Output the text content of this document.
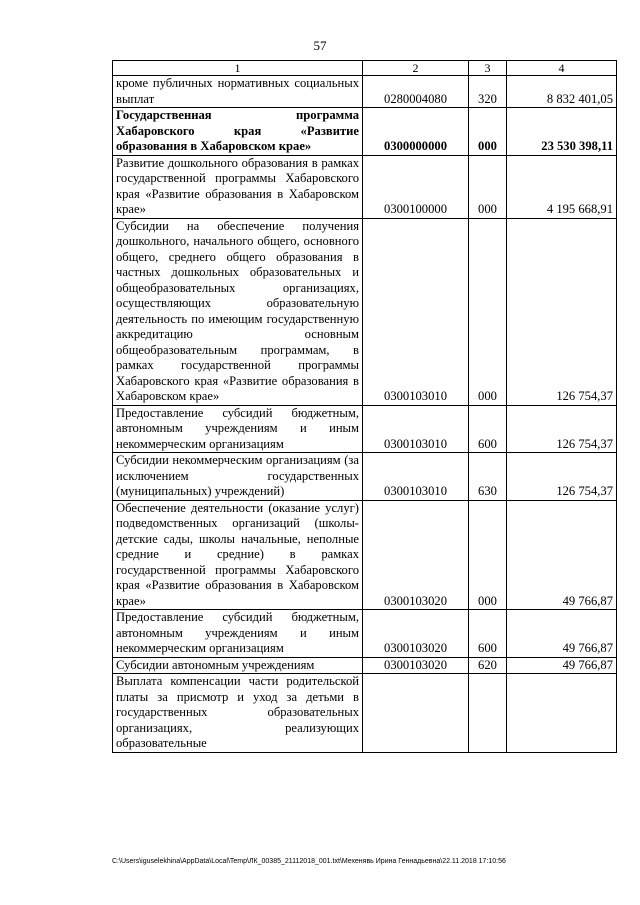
57
1	2	3	4
кроме публичных нормативных социальных выплат	0280004080	320	8 832 401,05
Государственная программа Хабаровского края «Развитие образования в Хабаровском крае»	0300000000	000	23 530 398,11
Развитие дошкольного образования в рамках государственной программы Хабаровского края «Развитие образования в Хабаровском крае»	0300100000	000	4 195 668,91
Субсидии на обеспечение получения дошкольного, начального общего, основного общего, среднего общего образования в частных дошкольных образовательных и общеобразовательных организациях, осуществляющих образовательную деятельность по имеющим государственную аккредитацию основным общеобразовательным программам, в рамках государственной программы Хабаровского края «Развитие образования в Хабаровском крае»	0300103010	000	126 754,37
Предоставление субсидий бюджетным, автономным учреждениям и иным некоммерческим организациям	0300103010	600	126 754,37
Субсидии некоммерческим организациям (за исключением государственных (муниципальных) учреждений)	0300103010	630	126 754,37
Обеспечение деятельности (оказание услуг) подведомственных организаций (школы-детские сады, школы начальные, неполные средние и средние) в рамках государственной программы Хабаровского края «Развитие образования в Хабаровском крае»	0300103020	000	49 766,87
Предоставление субсидий бюджетным, автономным учреждениям и иным некоммерческим организациям	0300103020	600	49 766,87
Субсидии автономным учреждениям	0300103020	620	49 766,87
Выплата компенсации части родительской платы за присмотр и уход за детьми в государственных образовательных организациях, реализующих образовательные			
C:\Users\iguselekhina\AppData\Local\Temp\ЛК_00385_21112018_001.txt\Мехенявь Ирина Геннадьевна\22.11.2018 17:10:56
